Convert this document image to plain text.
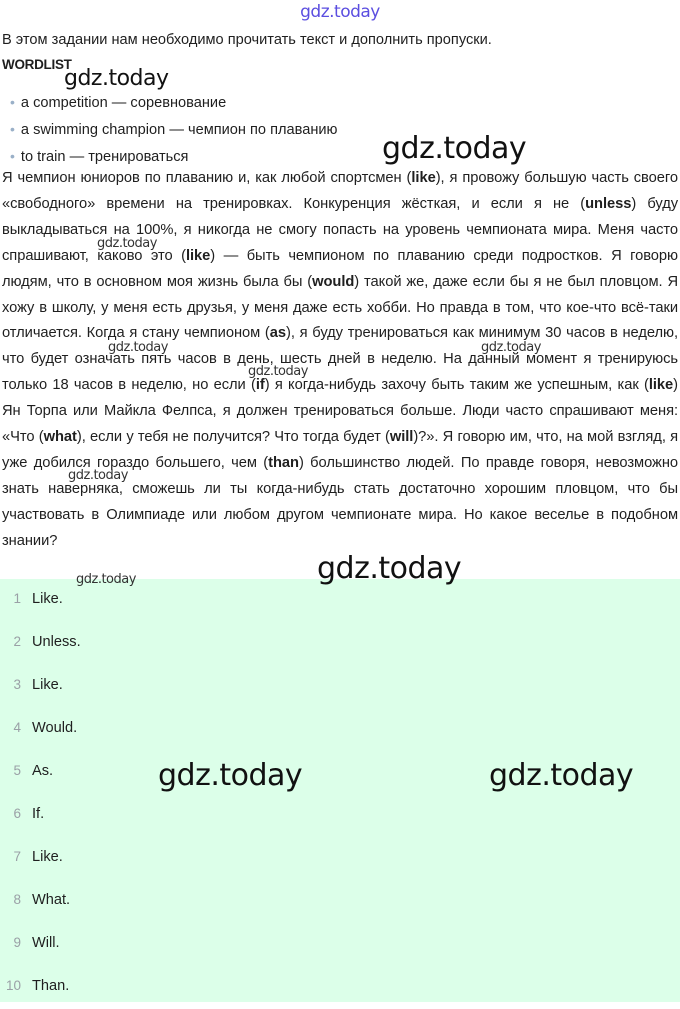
gdz.today
В этом задании нам необходимо прочитать текст и дополнить пропуски.
WORDLIST
• a competition — соревнование
• a swimming champion — чемпион по плаванию
• to train — тренироваться

Я чемпион юниоров по плаванию и, как любой спортсмен (like), я провожу большую часть своего «свободного» времени на тренировках. Конкуренция жёсткая, и если я не (unless) буду выкладываться на 100%, я никогда не смогу попасть на уровень чемпионата мира. Меня часто спрашивают, каково это (like) — быть чемпионом по плаванию среди подростков. Я говорю людям, что в основном моя жизнь была бы (would) такой же, даже если бы я не был пловцом. Я хожу в школу, у меня есть друзья, у меня даже есть хобби. Но правда в том, что кое-что всё-таки отличается. Когда я стану чемпионом (as), я буду тренироваться как минимум 30 часов в неделю, что будет означать пять часов в день, шесть дней в неделю. На данный момент я тренируюсь только 18 часов в неделю, но если (if) я когда-нибудь захочу быть таким же успешным, как (like) Ян Торпа или Майкла Фелпса, я должен тренироваться больше. Люди часто спрашивают меня: «Что (what), если у тебя не получится? Что тогда будет (will)?». Я говорю им, что, на мой взгляд, я уже добился гораздо большего, чем (than) большинство людей. По правде говоря, невозможно знать наверняка, сможешь ли ты когда-нибудь стать достаточно хорошим пловцом, что бы участвовать в Олимпиаде или любом другом чемпионате мира. Но какое веселье в подобном знании?

1 Like.
2 Unless.
3 Like.
4 Would.
5 As.
6 If.
7 Like.
8 What.
9 Will.
10 Than.
gdz.today
gdz.today
gdz.today
gdz.today	gdz.today
gdz.today
gdz.today
gdz.today	gdz.today
gdz.today	gdz.today
